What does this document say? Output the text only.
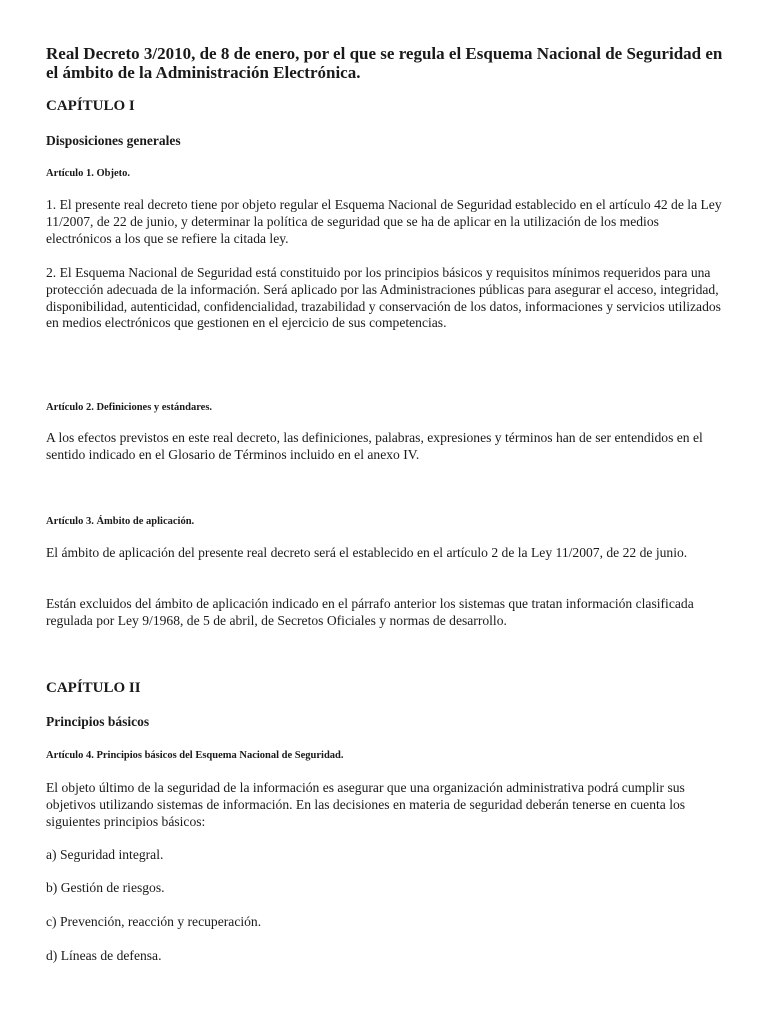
Real Decreto 3/2010, de 8 de enero, por el que se regula el Esquema Nacional de Seguridad en el ámbito de la Administración Electrónica.

CAPÍTULO I

Disposiciones generales

Artículo 1. Objeto.

1. El presente real decreto tiene por objeto regular el Esquema Nacional de Seguridad establecido en el artículo 42 de la Ley 11/2007, de 22 de junio, y determinar la política de seguridad que se ha de aplicar en la utilización de los medios electrónicos a los que se refiere la citada ley.

2. El Esquema Nacional de Seguridad está constituido por los principios básicos y requisitos mínimos requeridos para una protección adecuada de la información. Será aplicado por las Administraciones públicas para asegurar el acceso, integridad, disponibilidad, autenticidad, confidencialidad, trazabilidad y conservación de los datos, informaciones y servicios utilizados en medios electrónicos que gestionen en el ejercicio de sus competencias.

Artículo 2. Definiciones y estándares.

A los efectos previstos en este real decreto, las definiciones, palabras, expresiones y términos han de ser entendidos en el sentido indicado en el Glosario de Términos incluido en el anexo IV.

Artículo 3. Ámbito de aplicación.

El ámbito de aplicación del presente real decreto será el establecido en el artículo 2 de la Ley 11/2007, de 22 de junio.

Están excluidos del ámbito de aplicación indicado en el párrafo anterior los sistemas que tratan información clasificada regulada por Ley 9/1968, de 5 de abril, de Secretos Oficiales y normas de desarrollo.

CAPÍTULO II

Principios básicos

Artículo 4. Principios básicos del Esquema Nacional de Seguridad.

El objeto último de la seguridad de la información es asegurar que una organización administrativa podrá cumplir sus objetivos utilizando sistemas de información. En las decisiones en materia de seguridad deberán tenerse en cuenta los siguientes principios básicos:

a) Seguridad integral.

b) Gestión de riesgos.

c) Prevención, reacción y recuperación.

d) Líneas de defensa.
